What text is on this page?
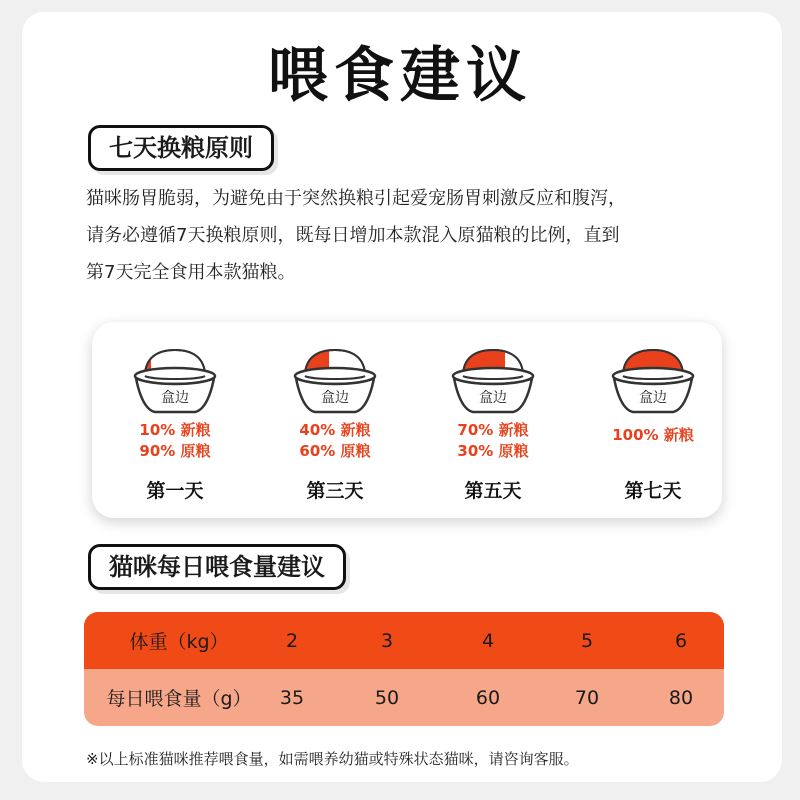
喂食建议
七天换粮原则
猫咪肠胃脆弱，为避免由于突然换粮引起爱宠肠胃刺激反应和腹泻，
请务必遵循7天换粮原则，既每日增加本款混入原猫粮的比例，直到
第7天完全食用本款猫粮。
盒边
10% 新粮
90% 原粮
第一天
盒边
40% 新粮
60% 原粮
第三天
盒边
70% 新粮
30% 原粮
第五天
盒边
100% 新粮
第七天
猫咪每日喂食量建议
体重（kg）	2	3	4	5	6
每日喂食量（g）	35	50	60	70	80
※以上标准猫咪推荐喂食量，如需喂养幼猫或特殊状态猫咪，请咨询客服。
